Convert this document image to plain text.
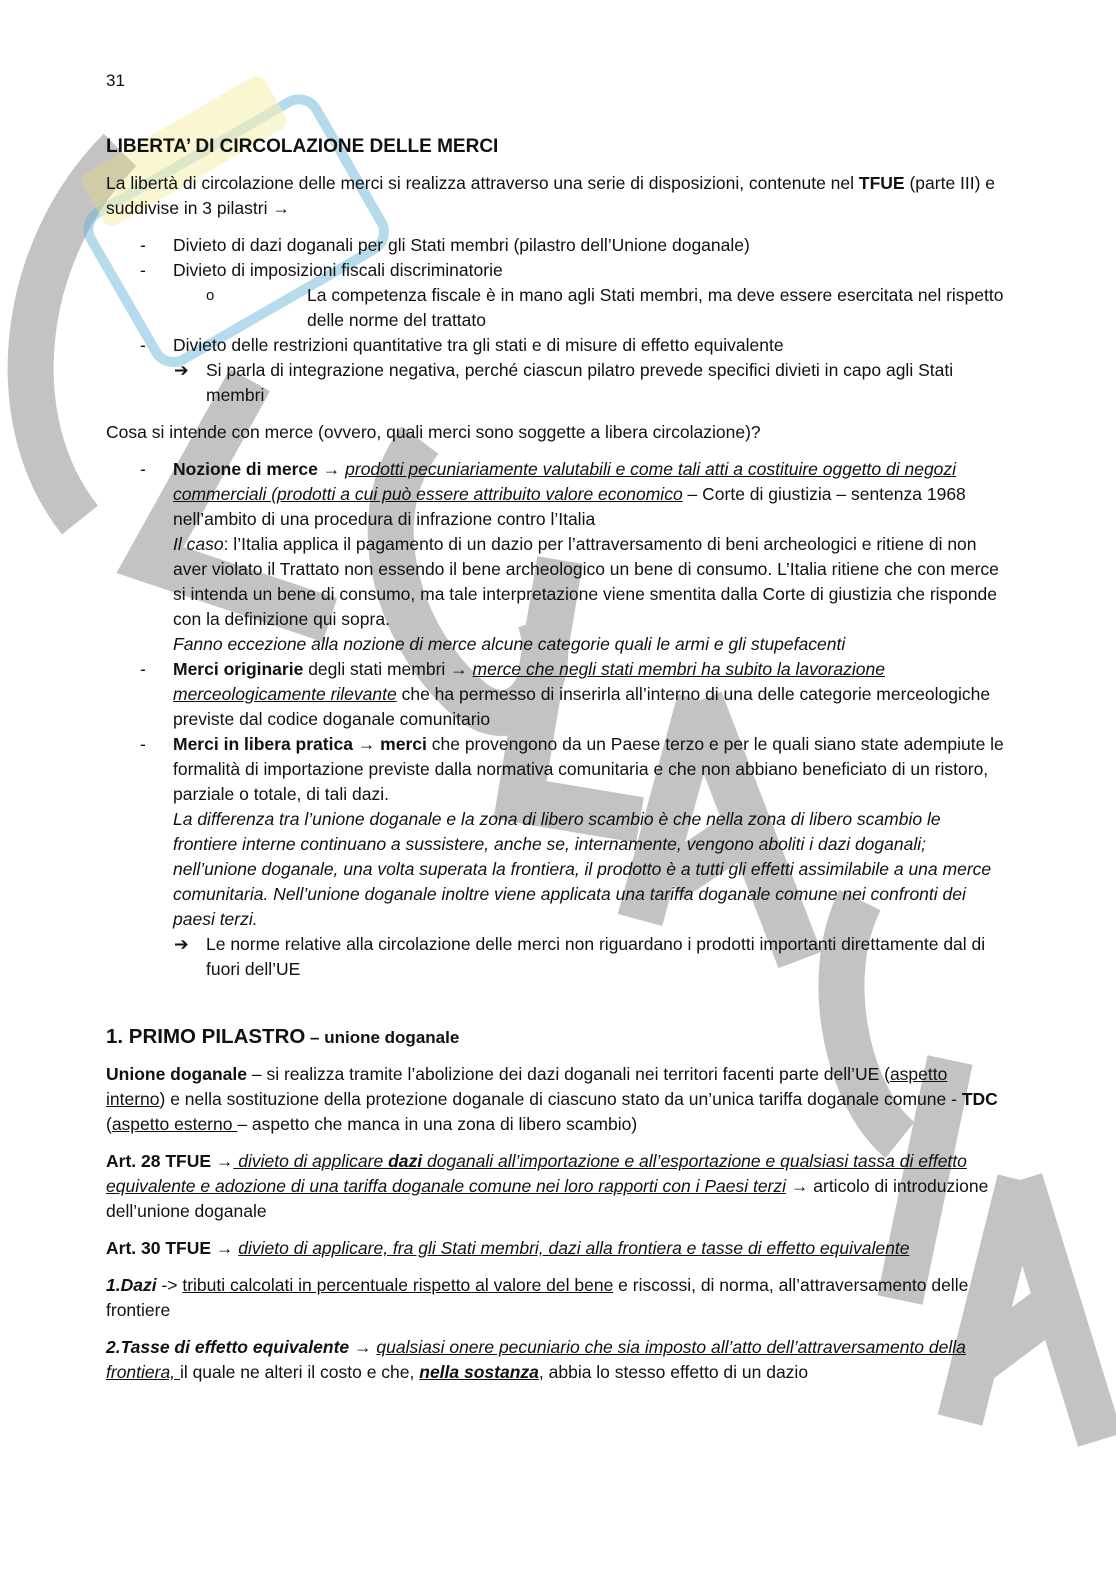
31

LIBERTA’ DI CIRCOLAZIONE DELLE MERCI

La libertà di circolazione delle merci si realizza attraverso una serie di disposizioni, contenute nel TFUE (parte III) e suddivise in 3 pilastri →

- Divieto di dazi doganali per gli Stati membri (pilastro dell’Unione doganale)
- Divieto di imposizioni fiscali discriminatorie
o	La competenza fiscale è in mano agli Stati membri, ma deve essere esercitata nel rispetto delle norme del trattato
- Divieto delle restrizioni quantitative tra gli stati e di misure di effetto equivalente
➔ Si parla di integrazione negativa, perché ciascun pilatro prevede specifici divieti in capo agli Stati membri

Cosa si intende con merce (ovvero, quali merci sono soggette a libera circolazione)?

- Nozione di merce → prodotti pecuniariamente valutabili e come tali atti a costituire oggetto di negozi commerciali (prodotti a cui può essere attribuito valore economico – Corte di giustizia – sentenza 1968 nell’ambito di una procedura di infrazione contro l’Italia
Il caso: l’Italia applica il pagamento di un dazio per l’attraversamento di beni archeologici e ritiene di non aver violato il Trattato non essendo il bene archeologico un bene di consumo. L’Italia ritiene che con merce si intenda un bene di consumo, ma tale interpretazione viene smentita dalla Corte di giustizia che risponde con la definizione qui sopra.
Fanno eccezione alla nozione di merce alcune categorie quali le armi e gli stupefacenti
- Merci originarie degli stati membri → merce che negli stati membri ha subito la lavorazione merceologicamente rilevante che ha permesso di inserirla all’interno di una delle categorie merceologiche previste dal codice doganale comunitario
- Merci in libera pratica → merci che provengono da un Paese terzo e per le quali siano state adempiute le formalità di importazione previste dalla normativa comunitaria e che non abbiano beneficiato di un ristoro, parziale o totale, di tali dazi.
La differenza tra l’unione doganale e la zona di libero scambio è che nella zona di libero scambio le frontiere interne continuano a sussistere, anche se, internamente, vengono aboliti i dazi doganali; nell’unione doganale, una volta superata la frontiera, il prodotto è a tutti gli effetti assimilabile a una merce comunitaria. Nell’unione doganale inoltre viene applicata una tariffa doganale comune nei confronti dei paesi terzi.
➔ Le norme relative alla circolazione delle merci non riguardano i prodotti importanti direttamente dal di fuori dell’UE

1. PRIMO PILASTRO – unione doganale

Unione doganale – si realizza tramite l’abolizione dei dazi doganali nei territori facenti parte dell’UE (aspetto interno) e nella sostituzione della protezione doganale di ciascuno stato da un’unica tariffa doganale comune - TDC (aspetto esterno – aspetto che manca in una zona di libero scambio)

Art. 28 TFUE → divieto di applicare dazi doganali all’importazione e all’esportazione e qualsiasi tassa di effetto equivalente e adozione di una tariffa doganale comune nei loro rapporti con i Paesi terzi → articolo di introduzione dell’unione doganale

Art. 30 TFUE → divieto di applicare, fra gli Stati membri, dazi alla frontiera e tasse di effetto equivalente

1.Dazi -> tributi calcolati in percentuale rispetto al valore del bene e riscossi, di norma, all’attraversamento delle frontiere

2.Tasse di effetto equivalente → qualsiasi onere pecuniario che sia imposto all’atto dell’attraversamento della frontiera, il quale ne alteri il costo e che, nella sostanza, abbia lo stesso effetto di un dazio
